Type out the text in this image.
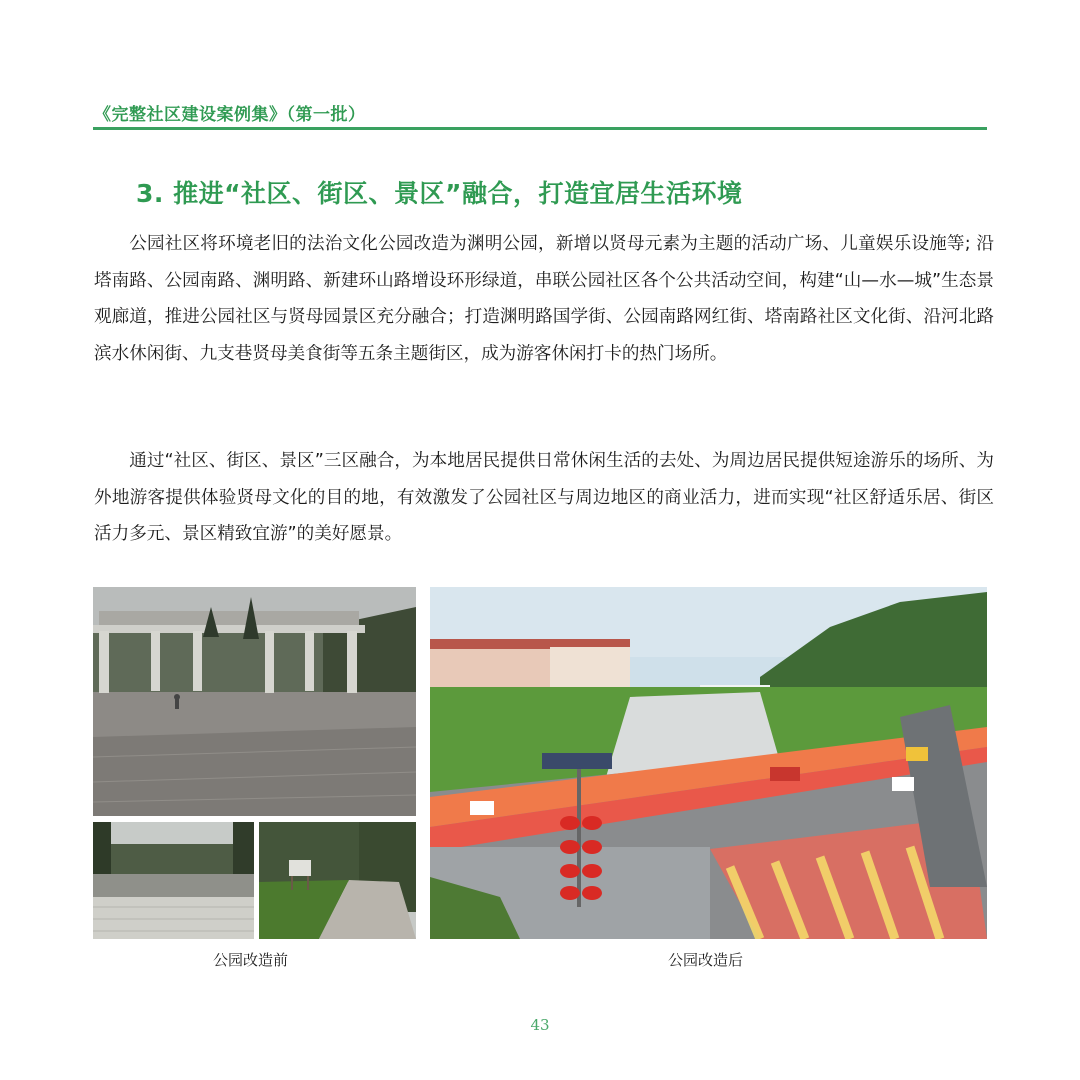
《完整社区建设案例集》（第一批）
3. 推进“社区、街区、景区”融合，打造宜居生活环境

公园社区将环境老旧的法治文化公园改造为渊明公园，新增以贤母元素为主题的活动广场、儿童娱乐设施等; 沿塔南路、公园南路、渊明路、新建环山路增设环形绿道，串联公园社区各个公共活动空间，构建“山—水—城”生态景观廊道，推进公园社区与贤母园景区充分融合；打造渊明路国学街、公园南路网红街、塔南路社区文化街、沿河北路滨水休闲街、九支巷贤母美食街等五条主题街区，成为游客休闲打卡的热门场所。

通过“社区、街区、景区”三区融合，为本地居民提供日常休闲生活的去处、为周边居民提供短途游乐的场所、为外地游客提供体验贤母文化的目的地，有效激发了公园社区与周边地区的商业活力，进而实现“社区舒适乐居、街区活力多元、景区精致宜游”的美好愿景。

公园改造前	公园改造后
43
